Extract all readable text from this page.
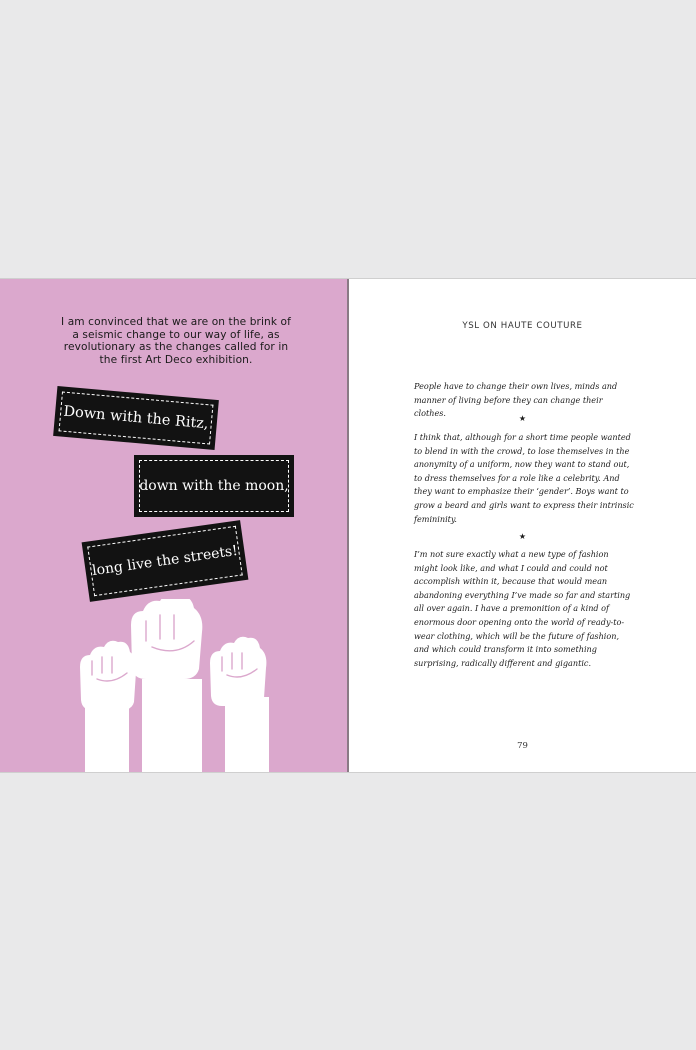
I am convinced that we are on the brink of a seismic change to our way of life, as revolutionary as the changes called for in the first Art Deco exhibition.
Down with the Ritz,
down with the moon,
long live the streets!
YSL ON HAUTE COUTURE
People have to change their own lives, minds and manner of living before they can change their clothes.
★
I think that, although for a short time people wanted to blend in with the crowd, to lose themselves in the anonymity of a uniform, now they want to stand out, to dress themselves for a role like a celebrity. And they want to emphasize their ‘gender’. Boys want to grow a beard and girls want to express their intrinsic femininity.
★
I’m not sure exactly what a new type of fashion might look like, and what I could and could not accomplish within it, because that would mean abandoning everything I’ve made so far and starting all over again. I have a premonition of a kind of enormous door opening onto the world of ready-to-wear clothing, which will be the future of fashion, and which could transform it into something surprising, radically different and gigantic.
79
